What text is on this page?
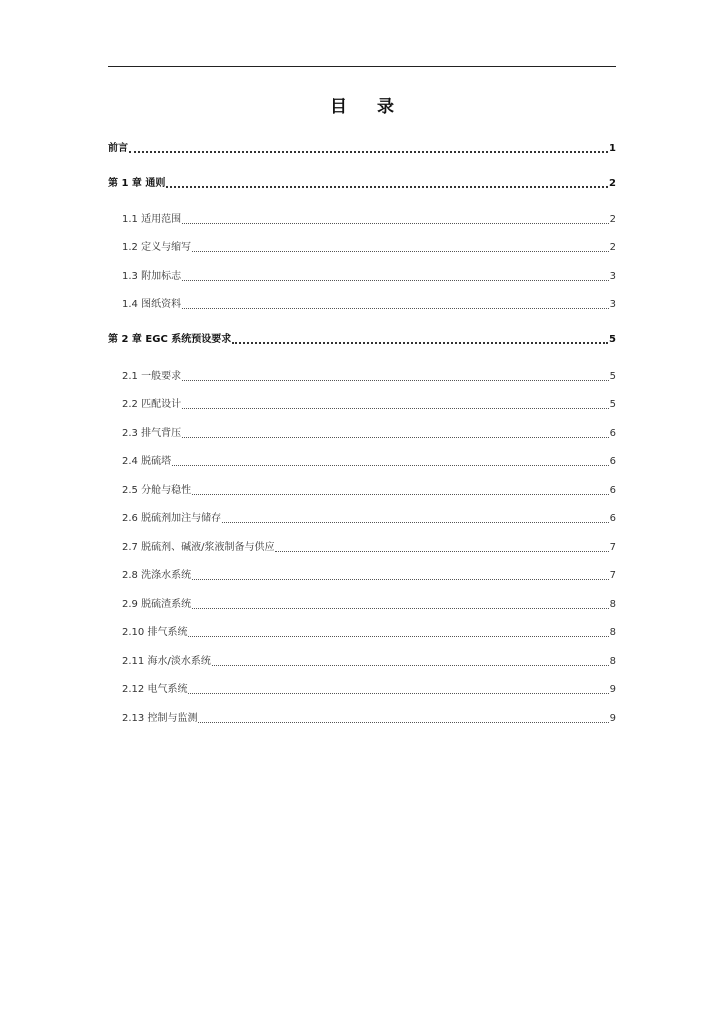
目 录
前言	1
第 1 章 通则	2
1.1 适用范围	2
1.2 定义与缩写	2
1.3 附加标志	3
1.4 图纸资料	3
第 2 章 EGC 系统预设要求	5
2.1 一般要求	5
2.2 匹配设计	5
2.3 排气背压	6
2.4 脱硫塔	6
2.5 分舱与稳性	6
2.6 脱硫剂加注与储存	6
2.7 脱硫剂、碱液/浆液制备与供应	7
2.8 洗涤水系统	7
2.9 脱硫渣系统	8
2.10 排气系统	8
2.11 海水/淡水系统	8
2.12 电气系统	9
2.13 控制与监测	9
